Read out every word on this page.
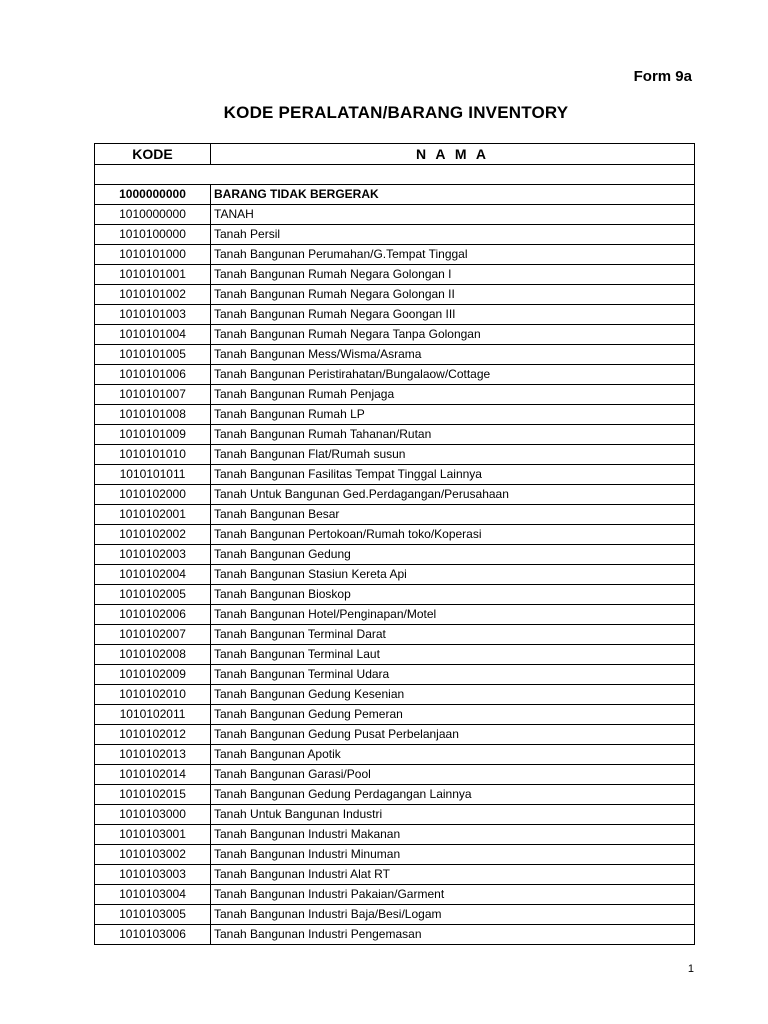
Form 9a
KODE PERALATAN/BARANG INVENTORY
KODE	N A M A

1000000000	BARANG TIDAK BERGERAK
1010000000	TANAH
1010100000	Tanah Persil
1010101000	Tanah Bangunan Perumahan/G.Tempat Tinggal
1010101001	Tanah Bangunan Rumah Negara Golongan I
1010101002	Tanah Bangunan Rumah Negara Golongan II
1010101003	Tanah Bangunan Rumah Negara Goongan III
1010101004	Tanah Bangunan Rumah Negara Tanpa Golongan
1010101005	Tanah Bangunan Mess/Wisma/Asrama
1010101006	Tanah Bangunan Peristirahatan/Bungalaow/Cottage
1010101007	Tanah Bangunan Rumah Penjaga
1010101008	Tanah Bangunan Rumah LP
1010101009	Tanah Bangunan Rumah Tahanan/Rutan
1010101010	Tanah Bangunan Flat/Rumah susun
1010101011	Tanah Bangunan Fasilitas Tempat Tinggal Lainnya
1010102000	Tanah Untuk Bangunan Ged.Perdagangan/Perusahaan
1010102001	Tanah Bangunan Besar
1010102002	Tanah Bangunan Pertokoan/Rumah toko/Koperasi
1010102003	Tanah Bangunan Gedung
1010102004	Tanah Bangunan Stasiun Kereta Api
1010102005	Tanah Bangunan Bioskop
1010102006	Tanah Bangunan Hotel/Penginapan/Motel
1010102007	Tanah Bangunan Terminal Darat
1010102008	Tanah Bangunan Terminal Laut
1010102009	Tanah Bangunan Terminal Udara
1010102010	Tanah Bangunan Gedung Kesenian
1010102011	Tanah Bangunan Gedung Pemeran
1010102012	Tanah Bangunan Gedung Pusat Perbelanjaan
1010102013	Tanah Bangunan Apotik
1010102014	Tanah Bangunan Garasi/Pool
1010102015	Tanah Bangunan Gedung Perdagangan Lainnya
1010103000	Tanah Untuk Bangunan Industri
1010103001	Tanah Bangunan Industri Makanan
1010103002	Tanah Bangunan Industri Minuman
1010103003	Tanah Bangunan Industri Alat RT
1010103004	Tanah Bangunan Industri Pakaian/Garment
1010103005	Tanah Bangunan Industri Baja/Besi/Logam
1010103006	Tanah Bangunan Industri Pengemasan
1
